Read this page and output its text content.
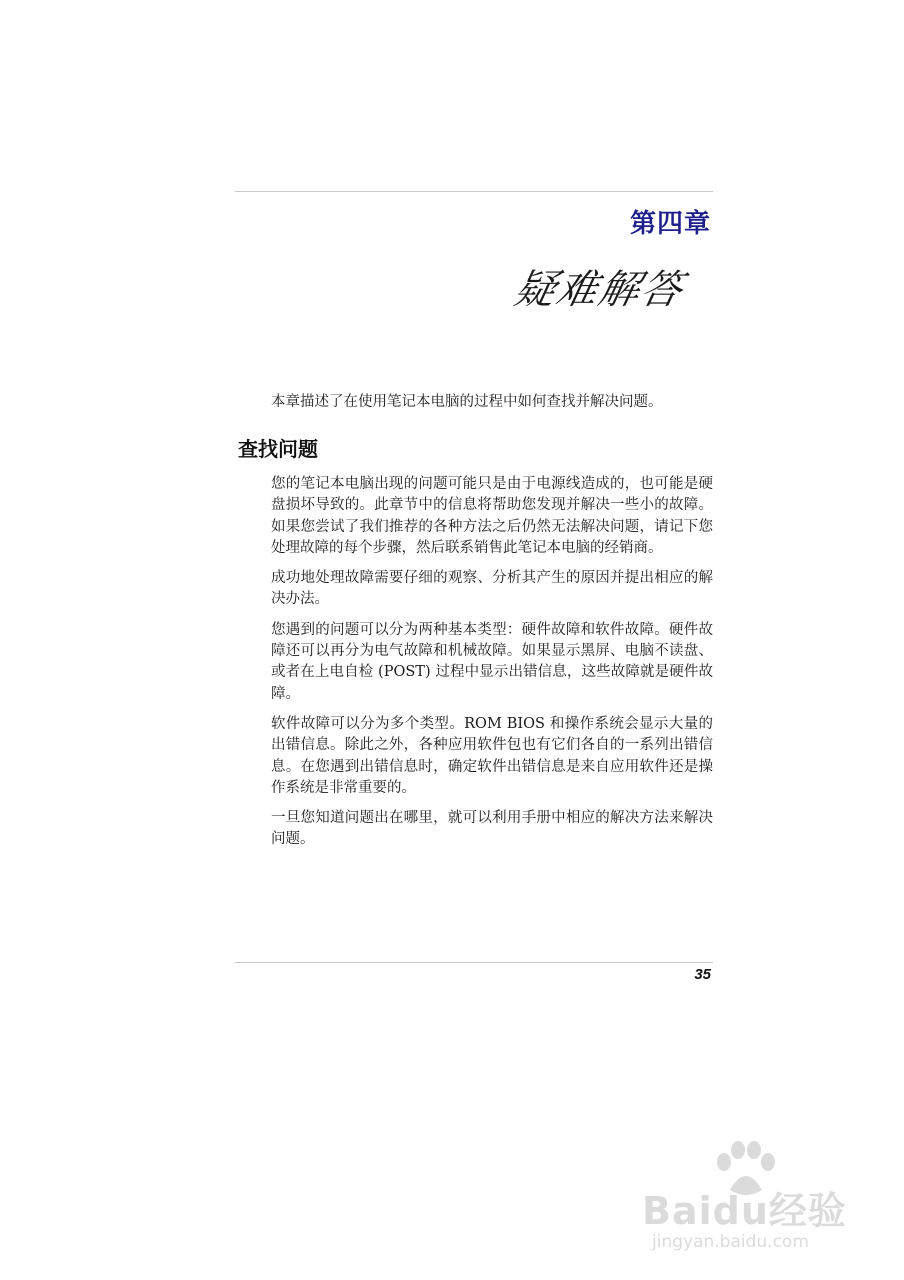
第四章
疑难解答

本章描述了在使用笔记本电脑的过程中如何查找并解决问题。

查找问题

您的笔记本电脑出现的问题可能只是由于电源线造成的，也可能是硬盘损坏导致的。此章节中的信息将帮助您发现并解决一些小的故障。如果您尝试了我们推荐的各种方法之后仍然无法解决问题，请记下您处理故障的每个步骤，然后联系销售此笔记本电脑的经销商。

成功地处理故障需要仔细的观察、分析其产生的原因并提出相应的解决办法。

您遇到的问题可以分为两种基本类型：硬件故障和软件故障。硬件故障还可以再分为电气故障和机械故障。如果显示黑屏、电脑不读盘、或者在上电自检 (POST) 过程中显示出错信息，这些故障就是硬件故障。

软件故障可以分为多个类型。ROM BIOS 和操作系统会显示大量的出错信息。除此之外，各种应用软件包也有它们各自的一系列出错信息。在您遇到出错信息时，确定软件出错信息是来自应用软件还是操作系统是非常重要的。

一旦您知道问题出在哪里，就可以利用手册中相应的解决方法来解决问题。

35
Baidu经验
jingyan.baidu.com
